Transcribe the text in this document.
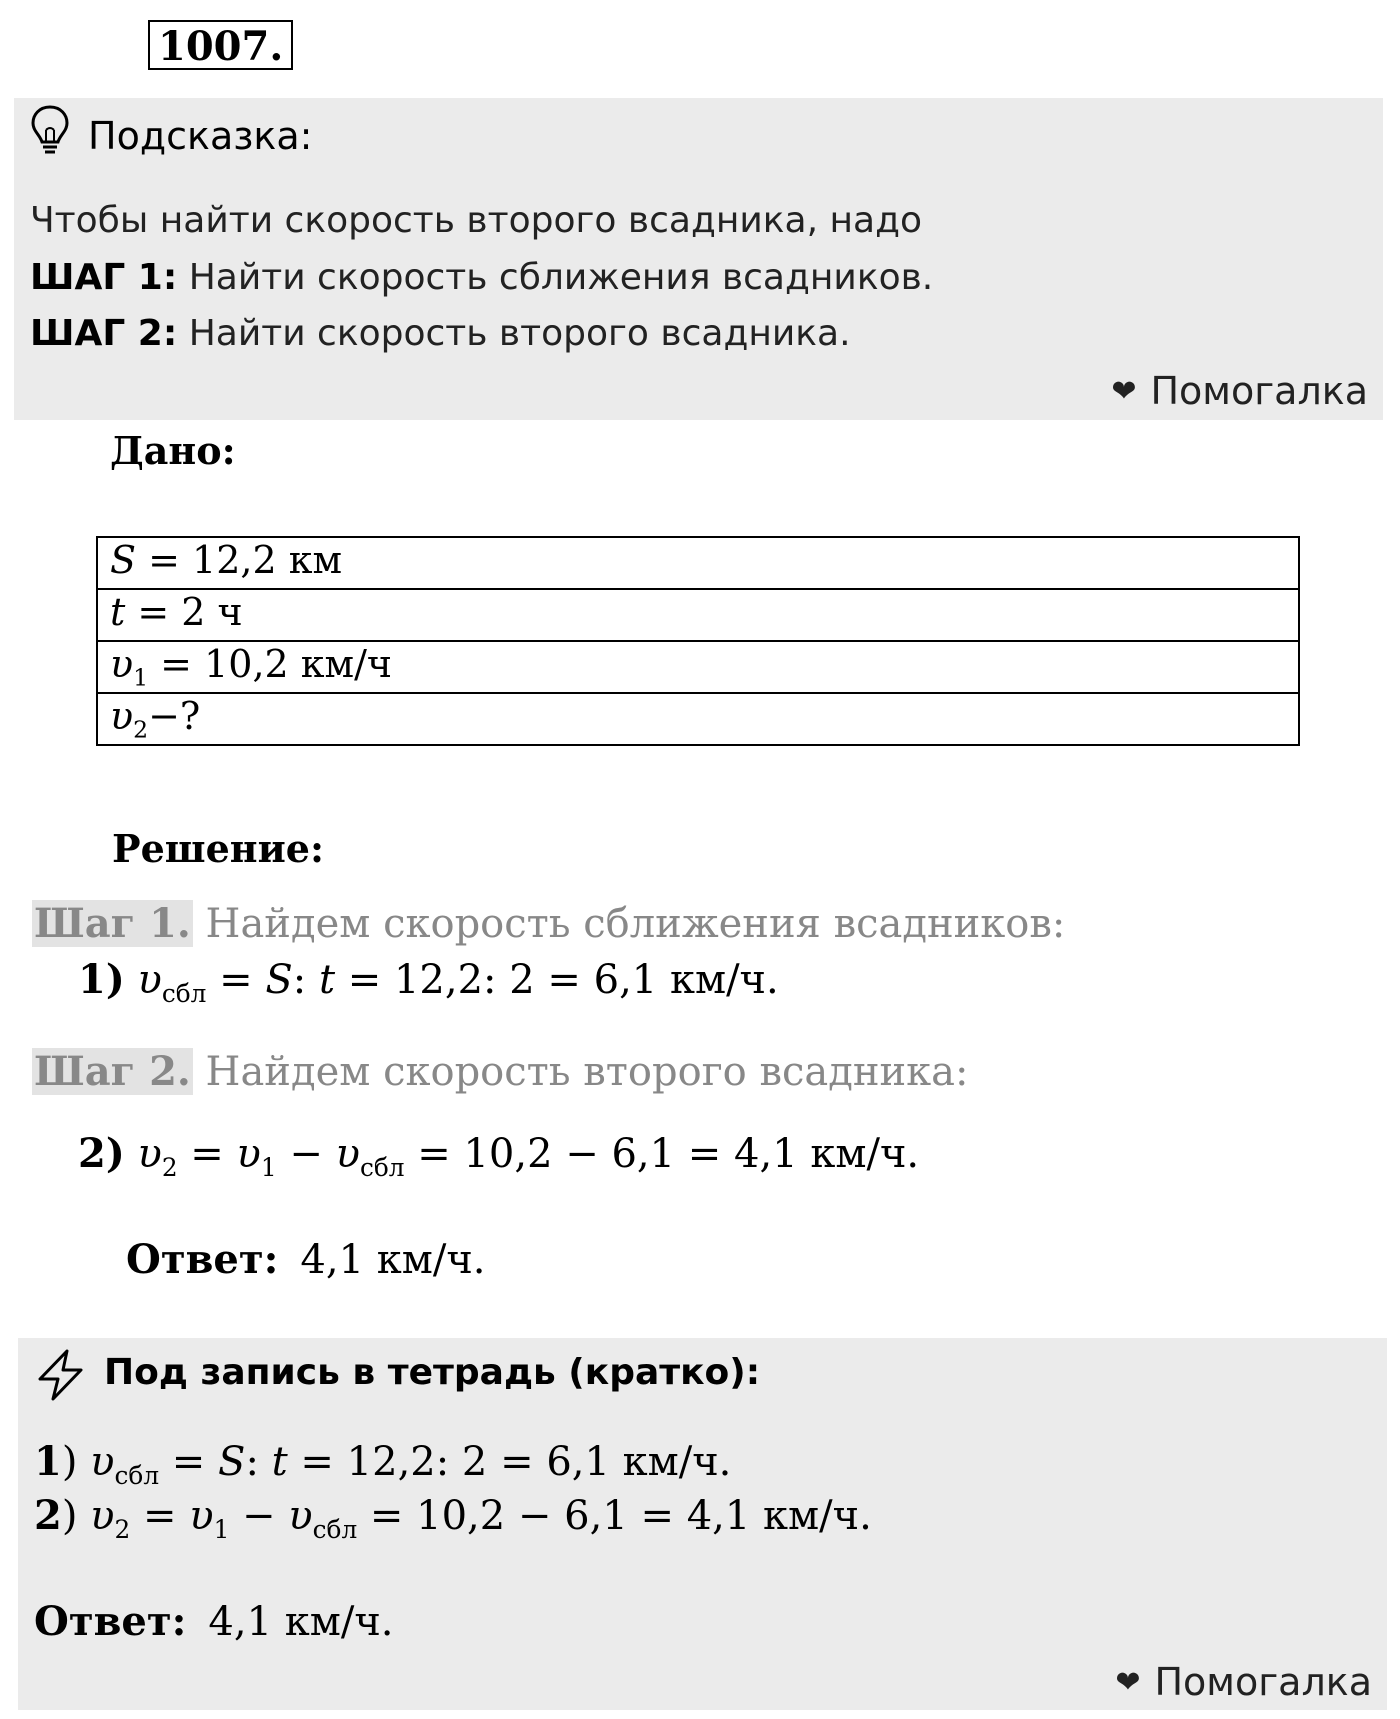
1007.
Подсказка:
Чтобы найти скорость второго всадника, надо
ШАГ 1: Найти скорость сближения всадников.
ШАГ 2: Найти скорость второго всадника.
❤ Помогалка
Дано:
S = 12,2 км
t = 2 ч
$\upsilon_1 = 10,2$ км/ч
$\upsilon_2-$?
Решение:
Шаг 1. Найдем скорость сближения всадников:
1) $\upsilon_{сбл} = S$: t = 12,2: 2 = 6,1 км/ч.
Шаг 2. Найдем скорость второго всадника:
2) $\upsilon_2 = \upsilon_1 - \upsilon_{сбл} = 10,2 - 6,1 = 4,1$ км/ч.
Ответ: 4,1 км/ч.
Под запись в тетрадь (кратко):
1) $\upsilon_{сбл} = S$: t = 12,2: 2 = 6,1 км/ч.
2) $\upsilon_2 = \upsilon_1 - \upsilon_{сбл} = 10,2 - 6,1 = 4,1$ км/ч.
Ответ: 4,1 км/ч.
❤ Помогалка
